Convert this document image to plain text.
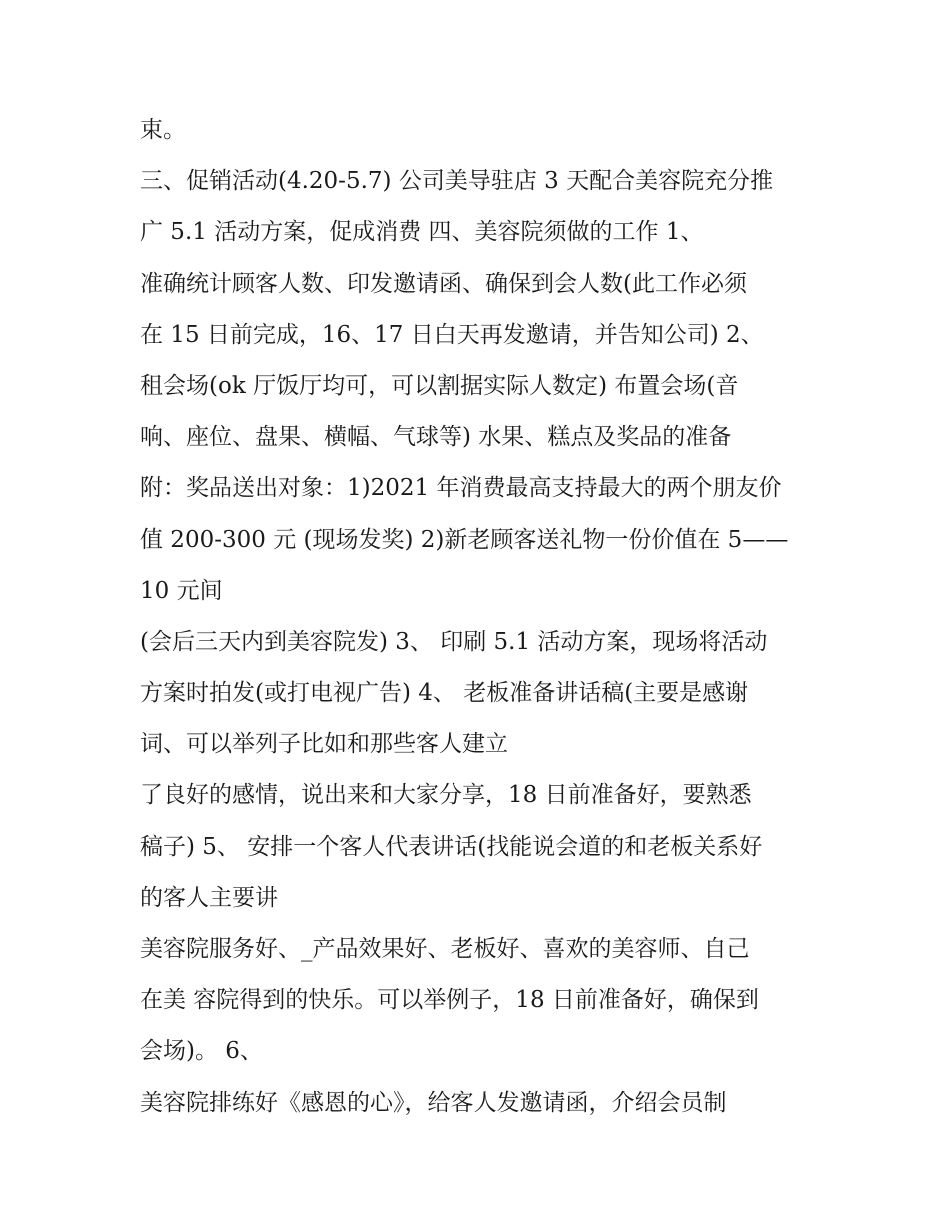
束。
三、促销活动(4.20-5.7) 公司美导驻店 3 天配合美容院充分推
广 5.1 活动方案，促成消费 四、美容院须做的工作 1、
准确统计顾客人数、印发邀请函、确保到会人数(此工作必须
在 15 日前完成，16、17 日白天再发邀请，并告知公司) 2、
租会场(ok 厅饭厅均可，可以割据实际人数定) 布置会场(音
响、座位、盘果、横幅、气球等) 水果、糕点及奖品的准备
附：奖品送出对象：1)2021 年消费最高支持最大的两个朋友价
值 200-300 元 (现场发奖) 2)新老顾客送礼物一份价值在 5——
10 元间
(会后三天内到美容院发) 3、 印刷 5.1 活动方案，现场将活动
方案时拍发(或打电视广告) 4、 老板准备讲话稿(主要是感谢
词、可以举列子比如和那些客人建立
了良好的感情，说出来和大家分享，18 日前准备好，要熟悉
稿子) 5、 安排一个客人代表讲话(找能说会道的和老板关系好
的客人主要讲
美容院服务好、_产品效果好、老板好、喜欢的美容师、自己
在美 容院得到的快乐。可以举例子，18 日前准备好，确保到
会场)。 6、
美容院排练好《感恩的心》，给客人发邀请函，介绍会员制
